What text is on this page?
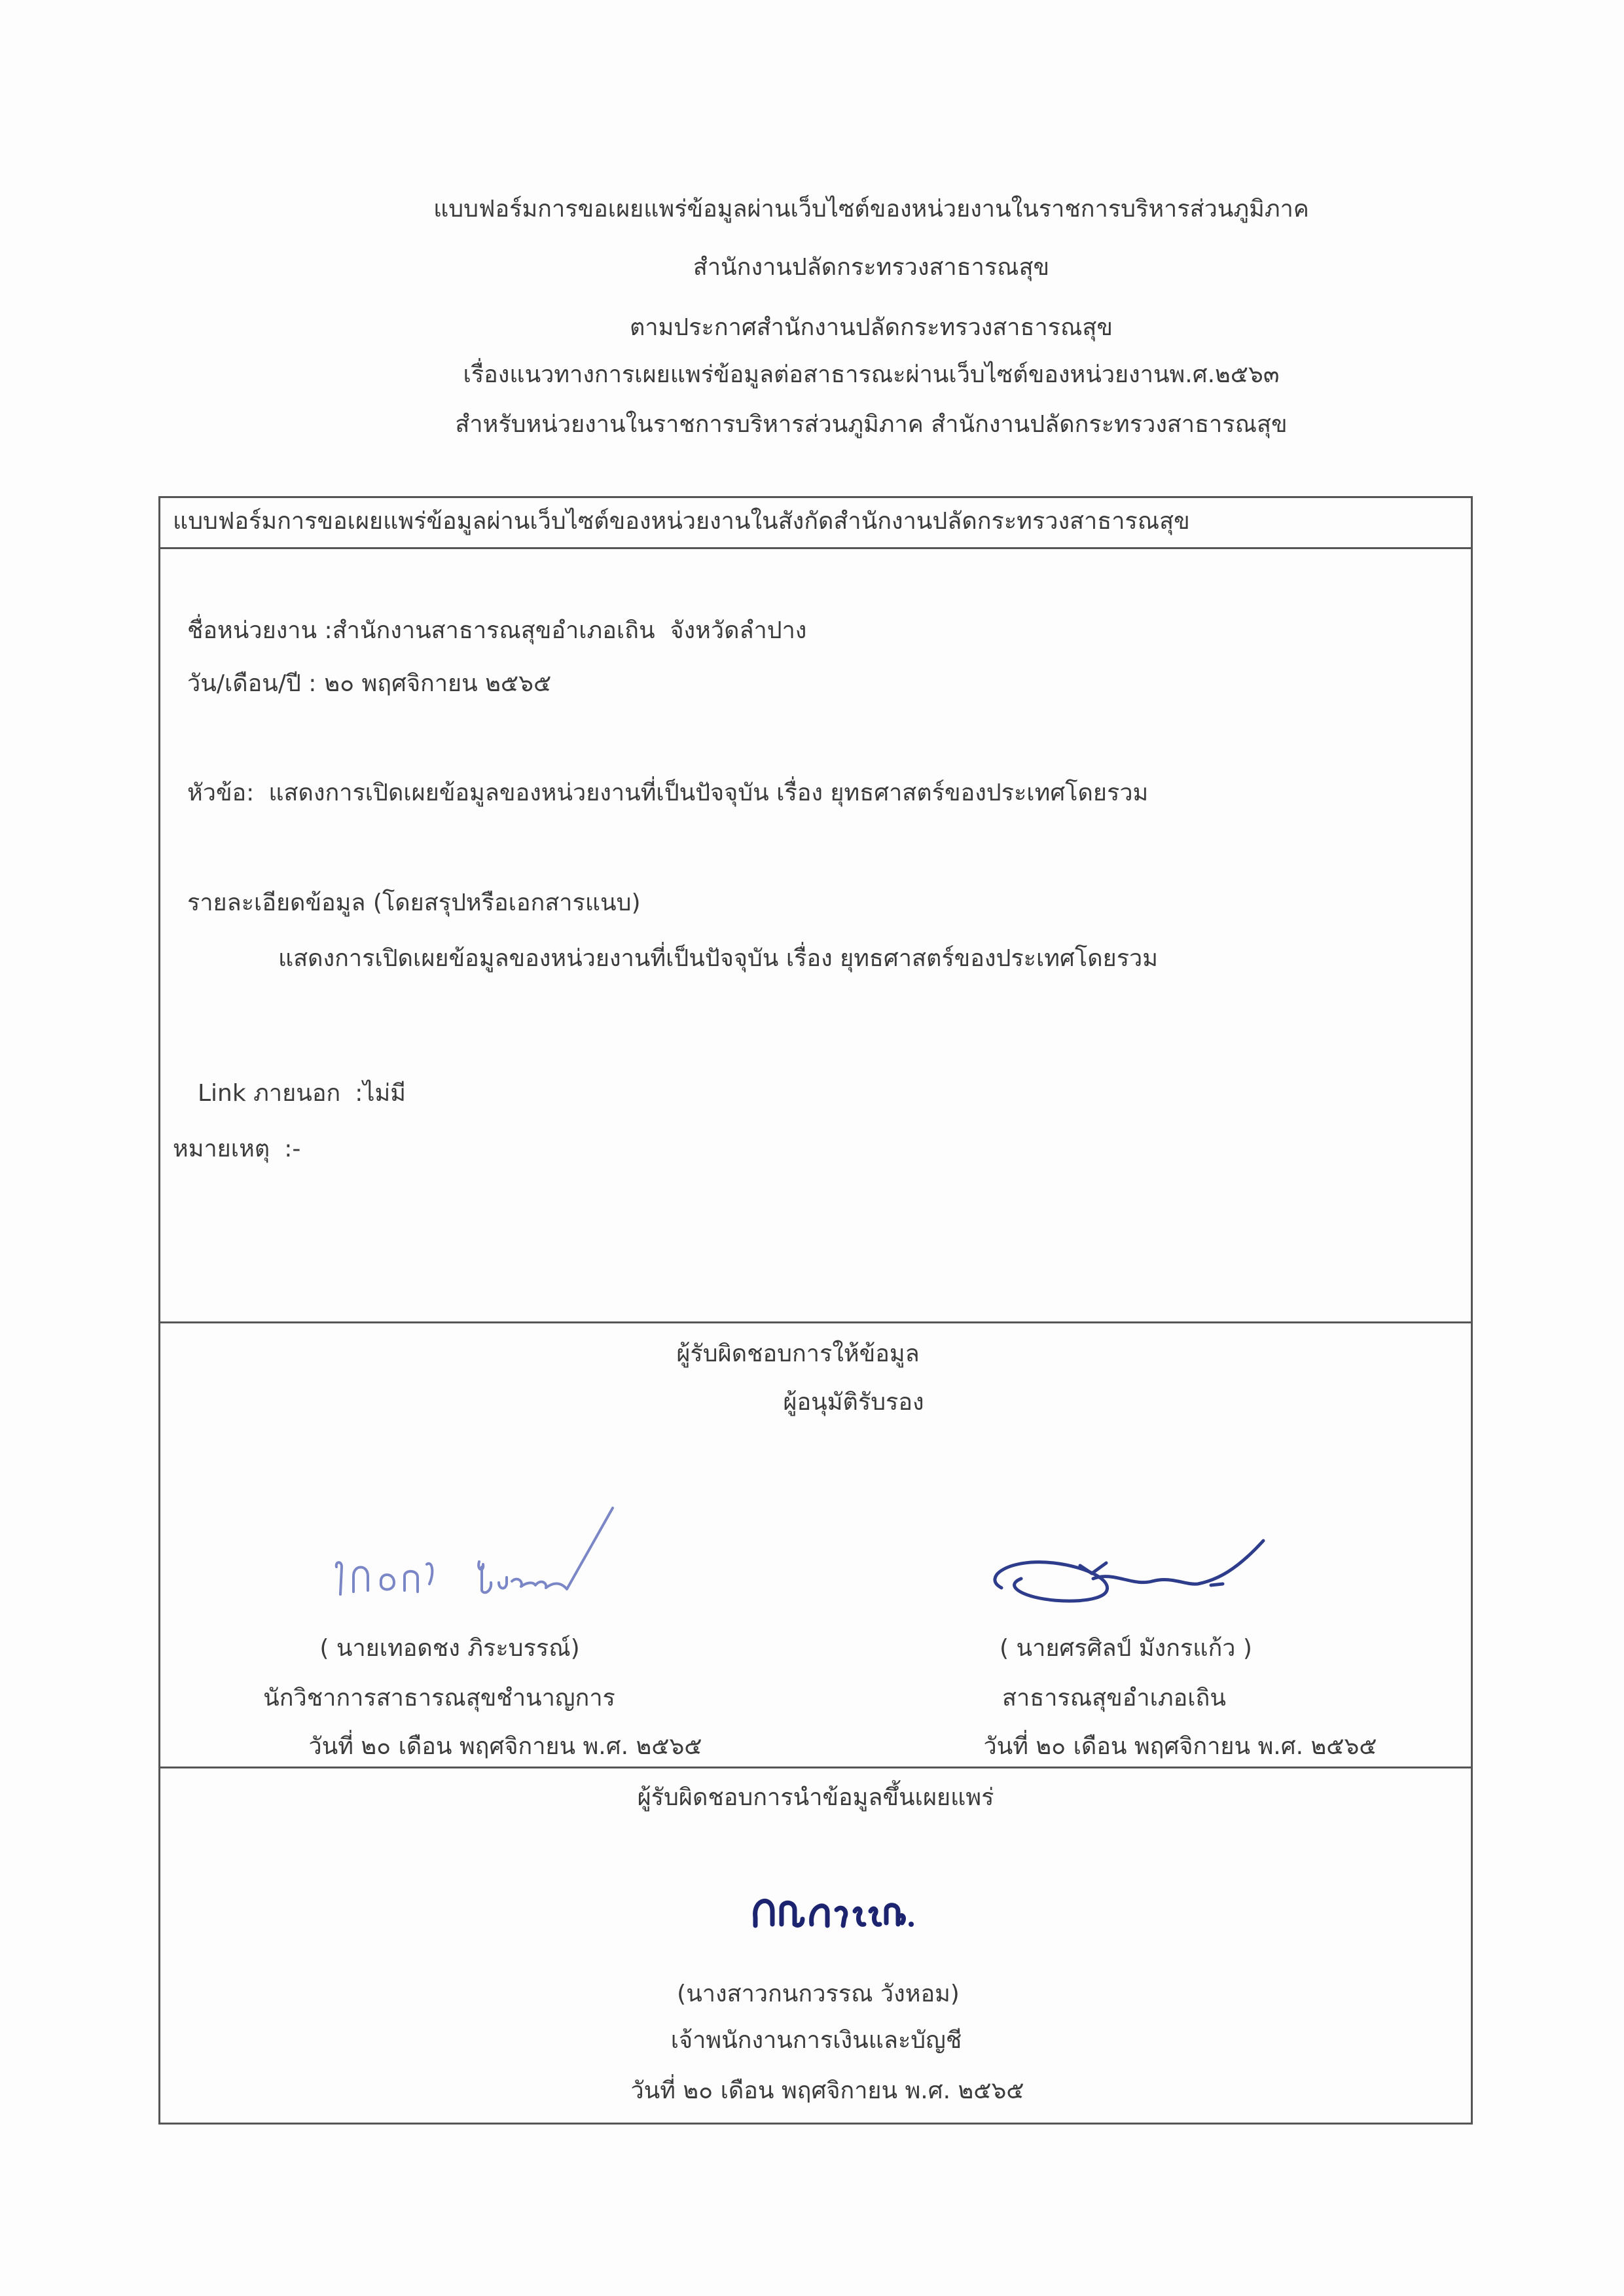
แบบฟอร์มการขอเผยแพร่ข้อมูลผ่านเว็บไซต์ของหน่วยงานในราชการบริหารส่วนภูมิภาค
สำนักงานปลัดกระทรวงสาธารณสุข
ตามประกาศสำนักงานปลัดกระทรวงสาธารณสุข
เรื่องแนวทางการเผยแพร่ข้อมูลต่อสาธารณะผ่านเว็บไซต์ของหน่วยงานพ.ศ.๒๕๖๓
สำหรับหน่วยงานในราชการบริหารส่วนภูมิภาค สำนักงานปลัดกระทรวงสาธารณสุข
แบบฟอร์มการขอเผยแพร่ข้อมูลผ่านเว็บไซต์ของหน่วยงานในสังกัดสำนักงานปลัดกระทรวงสาธารณสุข
ชื่อหน่วยงาน :สำนักงานสาธารณสุขอำเภอเถิน  จังหวัดลำปาง
วัน/เดือน/ปี : ๒๐ พฤศจิกายน ๒๕๖๕
หัวข้อ: แสดงการเปิดเผยข้อมูลของหน่วยงานที่เป็นปัจจุบัน เรื่อง ยุทธศาสตร์ของประเทศโดยรวม
รายละเอียดข้อมูล (โดยสรุปหรือเอกสารแนบ)
แสดงการเปิดเผยข้อมูลของหน่วยงานที่เป็นปัจจุบัน เรื่อง ยุทธศาสตร์ของประเทศโดยรวม
Link ภายนอก :ไม่มี
หมายเหตุ :-
ผู้รับผิดชอบการให้ข้อมูล
ผู้อนุมัติรับรอง
( นายเทอดชง ภิระบรรณ์)
นักวิชาการสาธารณสุขชำนาญการ
วันที่ ๒๐ เดือน พฤศจิกายน พ.ศ. ๒๕๖๕
( นายศรศิลป์ มังกรแก้ว )
สาธารณสุขอำเภอเถิน
วันที่ ๒๐ เดือน พฤศจิกายน พ.ศ. ๒๕๖๕
ผู้รับผิดชอบการนำข้อมูลขึ้นเผยแพร่
(นางสาวกนกวรรณ วังหอม)
เจ้าพนักงานการเงินและบัญชี
วันที่ ๒๐ เดือน พฤศจิกายน พ.ศ. ๒๕๖๕
